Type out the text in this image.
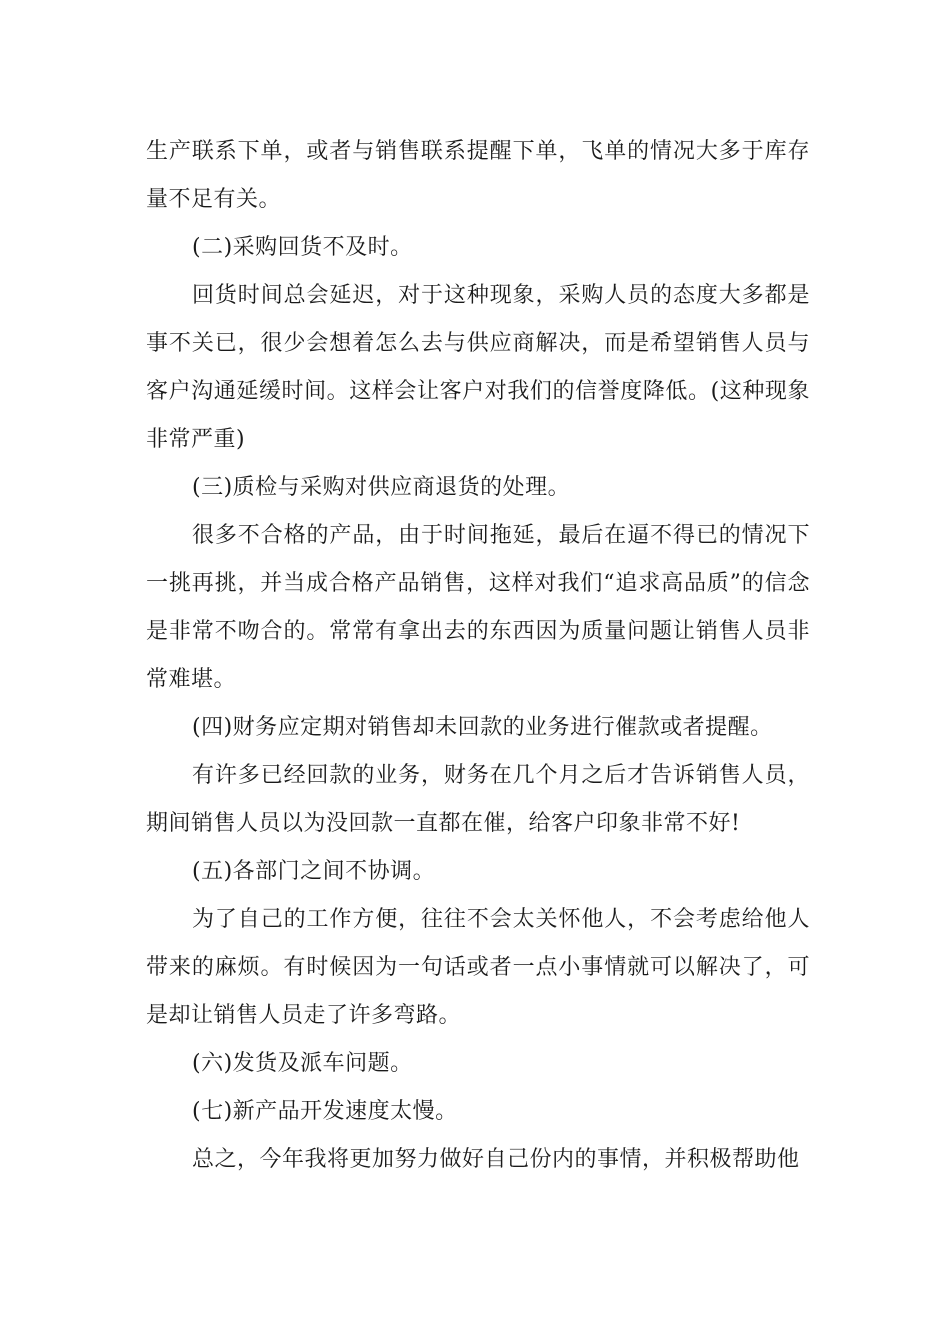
生产联系下单，或者与销售联系提醒下单，飞单的情况大多于库存量不足有关。

(二)采购回货不及时。

回货时间总会延迟，对于这种现象，采购人员的态度大多都是事不关已，很少会想着怎么去与供应商解决，而是希望销售人员与客户沟通延缓时间。这样会让客户对我们的信誉度降低。(这种现象非常严重)

(三)质检与采购对供应商退货的处理。

很多不合格的产品，由于时间拖延，最后在逼不得已的情况下一挑再挑，并当成合格产品销售，这样对我们“追求高品质”的信念是非常不吻合的。常常有拿出去的东西因为质量问题让销售人员非常难堪。

(四)财务应定期对销售却未回款的业务进行催款或者提醒。

有许多已经回款的业务，财务在几个月之后才告诉销售人员，期间销售人员以为没回款一直都在催，给客户印象非常不好!

(五)各部门之间不协调。

为了自己的工作方便，往往不会太关怀他人，不会考虑给他人带来的麻烦。有时候因为一句话或者一点小事情就可以解决了，可是却让销售人员走了许多弯路。

(六)发货及派车问题。

(七)新产品开发速度太慢。

总之，今年我将更加努力做好自己份内的事情，并积极帮助他
